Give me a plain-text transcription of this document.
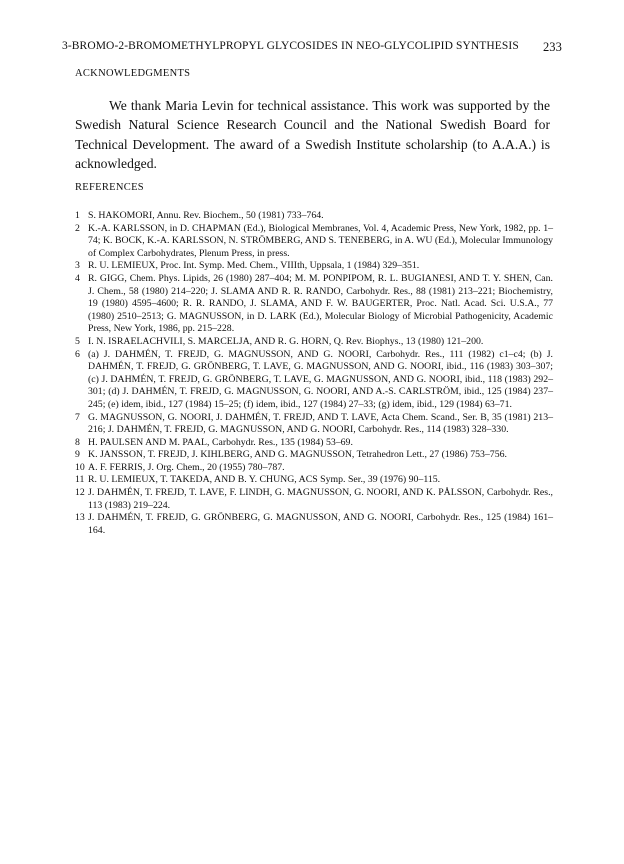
3-BROMO-2-BROMOMETHYLPROPYL GLYCOSIDES IN NEO-GLYCOLIPID SYNTHESIS 233
ACKNOWLEDGMENTS

We thank Maria Levin for technical assistance. This work was supported by the Swedish Natural Science Research Council and the National Swedish Board for Technical Development. The award of a Swedish Institute scholarship (to A.A.A.) is acknowledged.

REFERENCES
1 S. HAKOMORI, Annu. Rev. Biochem., 50 (1981) 733–764.
2 K.-A. KARLSSON, in D. CHAPMAN (Ed.), Biological Membranes, Vol. 4, Academic Press, New York, 1982, pp. 1–74; K. BOCK, K.-A. KARLSSON, N. STRÖMBERG, AND S. TENEBERG, in A. WU (Ed.), Molecular Immunology of Complex Carbohydrates, Plenum Press, in press.
3 R. U. LEMIEUX, Proc. Int. Symp. Med. Chem., VIIIth, Uppsala, 1 (1984) 329–351.
4 R. GIGG, Chem. Phys. Lipids, 26 (1980) 287–404; M. M. PONPIPOM, R. L. BUGIANESI, AND T. Y. SHEN, Can. J. Chem., 58 (1980) 214–220; J. SLAMA AND R. R. RANDO, Carbohydr. Res., 88 (1981) 213–221; Biochemistry, 19 (1980) 4595–4600; R. R. RANDO, J. SLAMA, AND F. W. BAUGERTER, Proc. Natl. Acad. Sci. U.S.A., 77 (1980) 2510–2513; G. MAGNUSSON, in D. LARK (Ed.), Molecular Biology of Microbial Pathogenicity, Academic Press, New York, 1986, pp. 215–228.
5 I. N. ISRAELACHVILI, S. MARCELJA, AND R. G. HORN, Q. Rev. Biophys., 13 (1980) 121–200.
6 (a) J. DAHMÉN, T. FREJD, G. MAGNUSSON, AND G. NOORI, Carbohydr. Res., 111 (1982) c1–c4; (b) J. DAHMÉN, T. FREJD, G. GRÖNBERG, T. LAVE, G. MAGNUSSON, AND G. NOORI, ibid., 116 (1983) 303–307; (c) J. DAHMÉN, T. FREJD, G. GRÖNBERG, T. LAVE, G. MAGNUSSON, AND G. NOORI, ibid., 118 (1983) 292–301; (d) J. DAHMÉN, T. FREJD, G. MAGNUSSON, G. NOORI, AND A.-S. CARLSTRÖM, ibid., 125 (1984) 237–245; (e) idem, ibid., 127 (1984) 15–25; (f) idem, ibid., 127 (1984) 27–33; (g) idem, ibid., 129 (1984) 63–71.
7 G. MAGNUSSON, G. NOORI, J. DAHMÉN, T. FREJD, AND T. LAVE, Acta Chem. Scand., Ser. B, 35 (1981) 213–216; J. DAHMÉN, T. FREJD, G. MAGNUSSON, AND G. NOORI, Carbohydr. Res., 114 (1983) 328–330.
8 H. PAULSEN AND M. PAAL, Carbohydr. Res., 135 (1984) 53–69.
9 K. JANSSON, T. FREJD, J. KIHLBERG, AND G. MAGNUSSON, Tetrahedron Lett., 27 (1986) 753–756.
10 A. F. FERRIS, J. Org. Chem., 20 (1955) 780–787.
11 R. U. LEMIEUX, T. TAKEDA, AND B. Y. CHUNG, ACS Symp. Ser., 39 (1976) 90–115.
12 J. DAHMÉN, T. FREJD, T. LAVE, F. LINDH, G. MAGNUSSON, G. NOORI, AND K. PÅLSSON, Carbohydr. Res., 113 (1983) 219–224.
13 J. DAHMÉN, T. FREJD, G. GRÖNBERG, G. MAGNUSSON, AND G. NOORI, Carbohydr. Res., 125 (1984) 161–164.
